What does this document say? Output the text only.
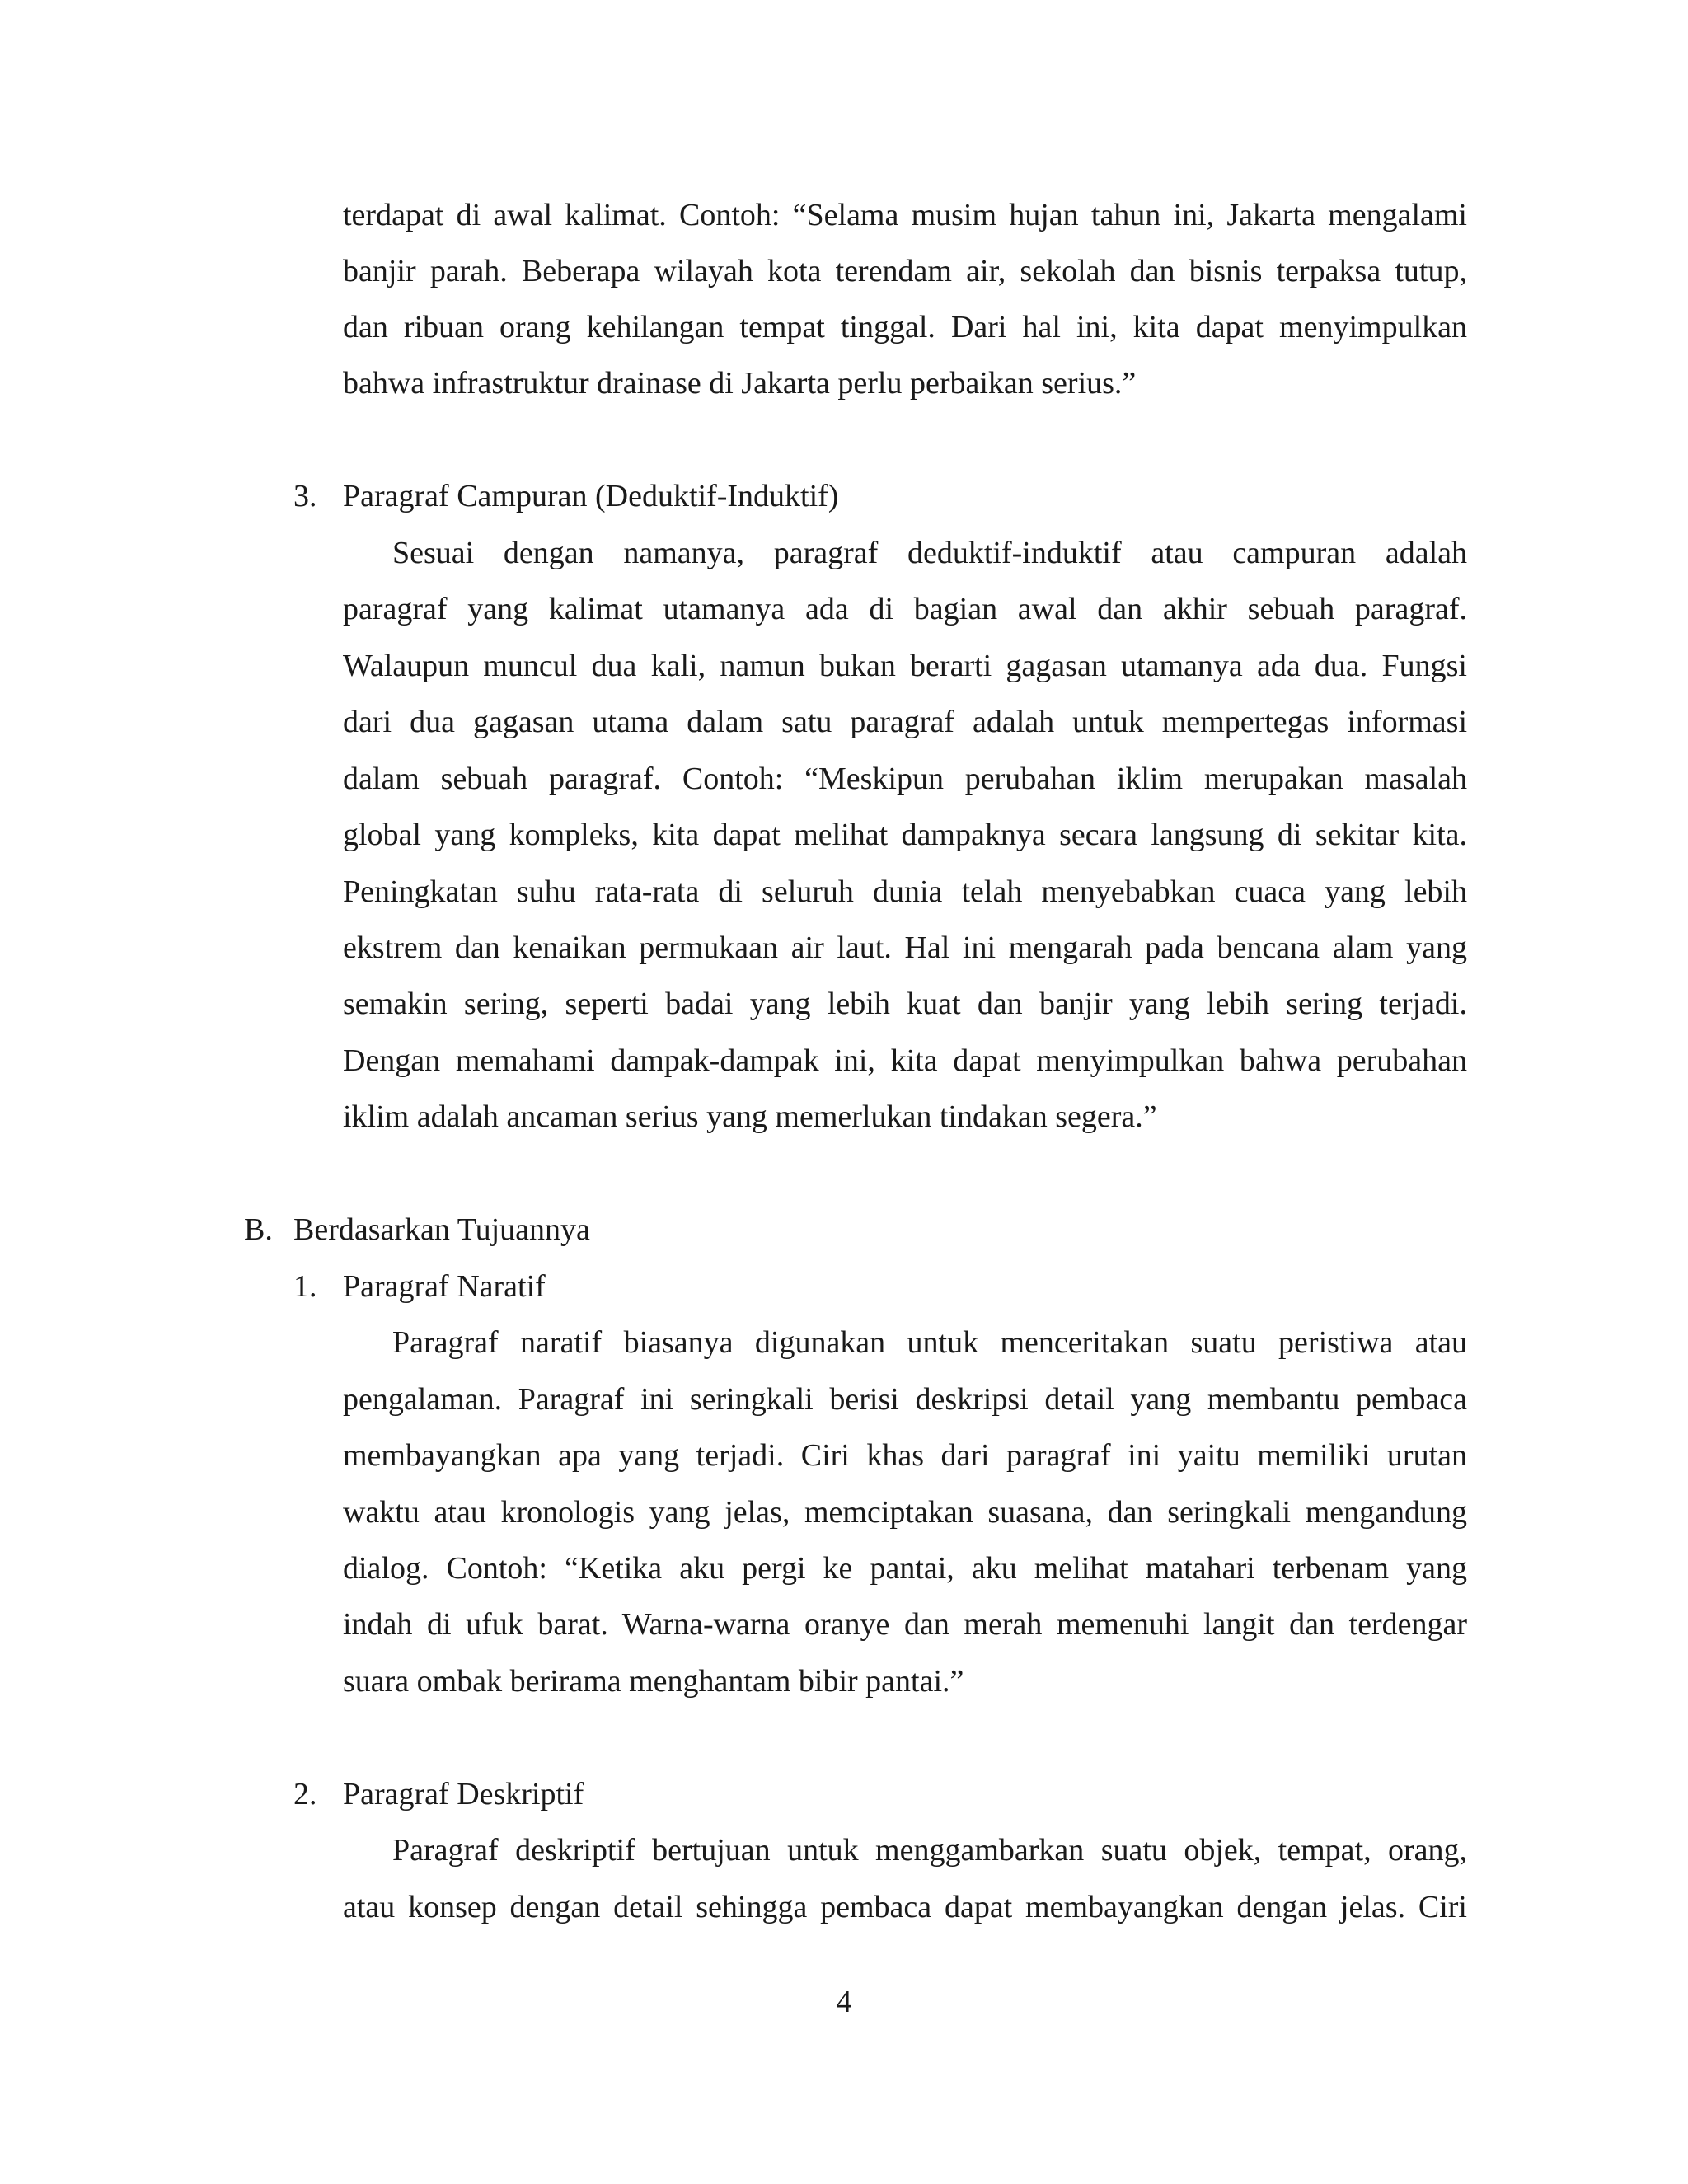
terdapat di awal kalimat. Contoh: “Selama musim hujan tahun ini, Jakarta mengalami
banjir parah. Beberapa wilayah kota terendam air, sekolah dan bisnis terpaksa tutup,
dan ribuan orang kehilangan tempat tinggal. Dari hal ini, kita dapat menyimpulkan
bahwa infrastruktur drainase di Jakarta perlu perbaikan serius.”
3. Paragraf Campuran (Deduktif-Induktif)
Sesuai dengan namanya, paragraf deduktif-induktif atau campuran adalah
paragraf yang kalimat utamanya ada di bagian awal dan akhir sebuah paragraf.
Walaupun muncul dua kali, namun bukan berarti gagasan utamanya ada dua. Fungsi
dari dua gagasan utama dalam satu paragraf adalah untuk mempertegas informasi
dalam sebuah paragraf. Contoh: “Meskipun perubahan iklim merupakan masalah
global yang kompleks, kita dapat melihat dampaknya secara langsung di sekitar kita.
Peningkatan suhu rata-rata di seluruh dunia telah menyebabkan cuaca yang lebih
ekstrem dan kenaikan permukaan air laut. Hal ini mengarah pada bencana alam yang
semakin sering, seperti badai yang lebih kuat dan banjir yang lebih sering terjadi.
Dengan memahami dampak-dampak ini, kita dapat menyimpulkan bahwa perubahan
iklim adalah ancaman serius yang memerlukan tindakan segera.”
B. Berdasarkan Tujuannya
1. Paragraf Naratif
Paragraf naratif biasanya digunakan untuk menceritakan suatu peristiwa atau
pengalaman. Paragraf ini seringkali berisi deskripsi detail yang membantu pembaca
membayangkan apa yang terjadi. Ciri khas dari paragraf ini yaitu memiliki urutan
waktu atau kronologis yang jelas, memciptakan suasana, dan seringkali mengandung
dialog. Contoh: “Ketika aku pergi ke pantai, aku melihat matahari terbenam yang
indah di ufuk barat. Warna-warna oranye dan merah memenuhi langit dan terdengar
suara ombak berirama menghantam bibir pantai.”
2. Paragraf Deskriptif
Paragraf deskriptif bertujuan untuk menggambarkan suatu objek, tempat, orang,
atau konsep dengan detail sehingga pembaca dapat membayangkan dengan jelas. Ciri
4
